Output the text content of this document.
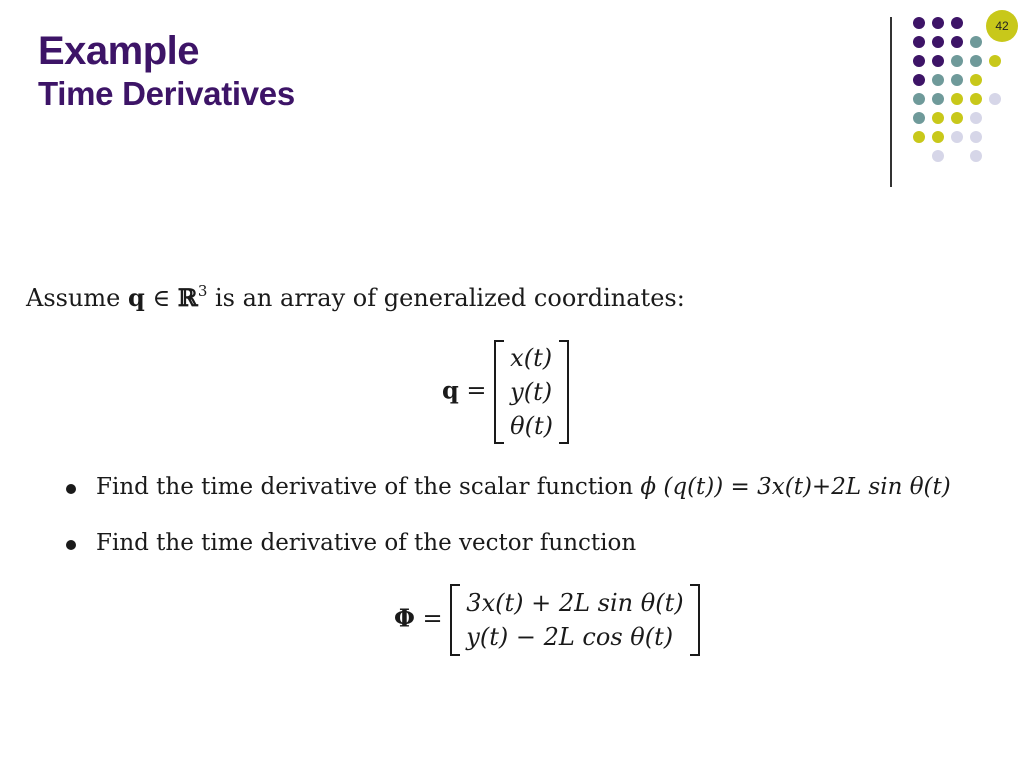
Example
Time Derivatives
42
Assume q ∈ ℝ$^3$ is an array of generalized coordinates:
q =
x(t)
y(t)
θ(t)
Find the time derivative of the scalar function ϕ (q(t)) = 3x(t)+2L sin θ(t)
Find the time derivative of the vector function
Φ =
3x(t) + 2L sin θ(t)
y(t) − 2L cos θ(t)
